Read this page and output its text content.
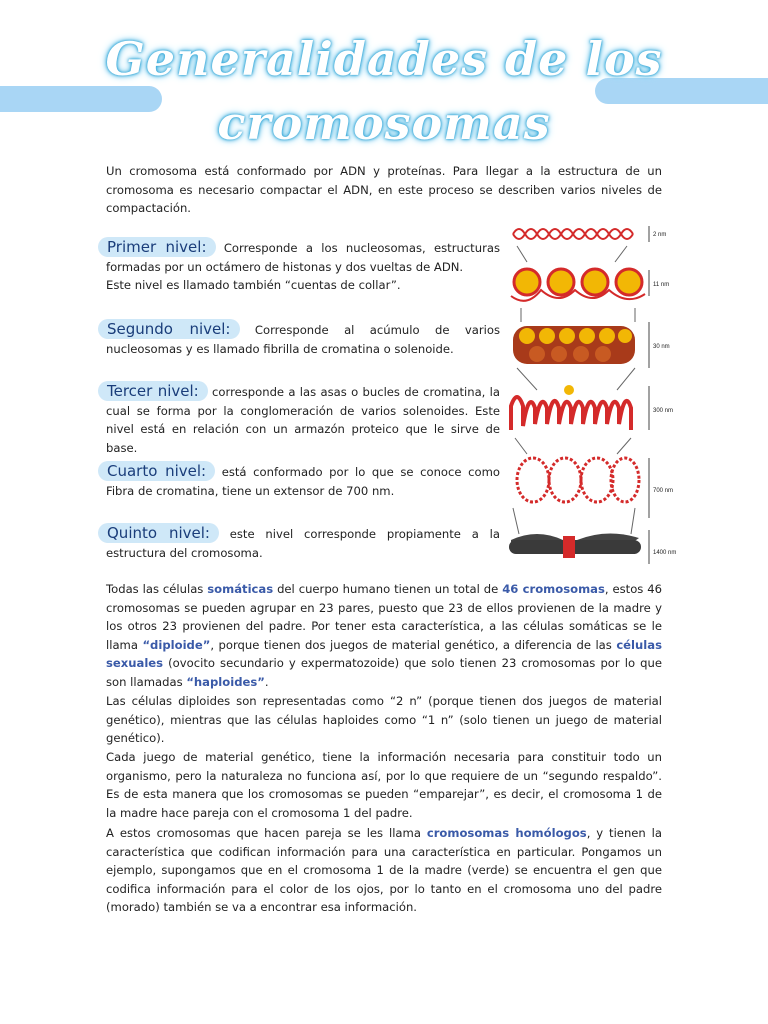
Generalidades de los
cromosomas

Un cromosoma está conformado por ADN y proteínas. Para llegar a la estructura de un cromosoma es necesario compactar el ADN, en este proceso se describen varios niveles de compactación.

Primer nivel: Corresponde a los nucleosomas, estructuras formadas por un octámero de histonas y dos vueltas de ADN.
Este nivel es llamado también “cuentas de collar”.
Segundo nivel: Corresponde al acúmulo de varios nucleosomas y es llamado fibrilla de cromatina o solenoide.
Tercer nivel: corresponde a las asas o bucles de cromatina, la cual se forma por la conglomeración de varios solenoides. Este nivel está en relación con un armazón proteico que le sirve de base.
Cuarto nivel: está conformado por lo que se conoce como Fibra de cromatina, tiene un extensor de 700 nm.
Quinto nivel: este nivel corresponde propiamente a la estructura del cromosoma.
2 nm
11 nm
30 nm
300 nm
700 nm
1400 nm

Todas las células somáticas del cuerpo humano tienen un total de 46 cromosomas, estos 46 cromosomas se pueden agrupar en 23 pares, puesto que 23 de ellos provienen de la madre y los otros 23 provienen del padre. Por tener esta característica, a las células somáticas se le llama “diploide”, porque tienen dos juegos de material genético, a diferencia de las células sexuales (ovocito secundario y expermatozoide) que solo tienen 23 cromosomas por lo que son llamadas “haploides”.

Las células diploides son representadas como “2 n” (porque tienen dos juegos de material genético), mientras que las células haploides como “1 n” (solo tienen un juego de material genético).

Cada juego de material genético, tiene la información necesaria para constituir todo un organismo, pero la naturaleza no funciona así, por lo que requiere de un “segundo respaldo”. Es de esta manera que los cromosomas se pueden “emparejar”, es decir, el cromosoma 1 de la madre hace pareja con el cromosoma 1 del padre.

A estos cromosomas que hacen pareja se les llama cromosomas homólogos, y tienen la característica que codifican información para una característica en particular. Pongamos un ejemplo, supongamos que en el cromosoma 1 de la madre (verde) se encuentra el gen que codifica información para el color de los ojos, por lo tanto en el cromosoma uno del padre (morado) también se va a encontrar esa información.
